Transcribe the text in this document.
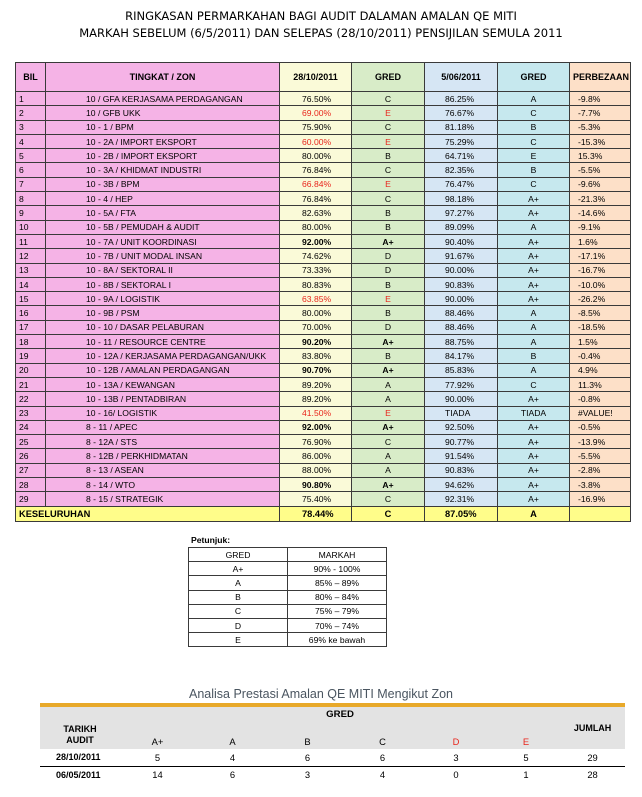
RINGKASAN PERMARKAHAN BAGI AUDIT DALAMAN AMALAN QE MITI
MARKAH SEBELUM (6/5/2011) DAN SELEPAS (28/10/2011) PENSIJILAN SEMULA 2011
BIL	TINGKAT / ZON	28/10/2011	GRED	5/06/2011	GRED	PERBEZAAN
1	10 / GFA KERJASAMA PERDAGANGAN	76.50%	C	86.25%	A	-9.8%
2	10 / GFB UKK	69.00%	E	76.67%	C	-7.7%
3	10 - 1 / BPM	75.90%	C	81.18%	B	-5.3%
4	10 - 2A / IMPORT EKSPORT	60.00%	E	75.29%	C	-15.3%
5	10 - 2B / IMPORT EKSPORT	80.00%	B	64.71%	E	15.3%
6	10 - 3A / KHIDMAT INDUSTRI	76.84%	C	82.35%	B	-5.5%
7	10 - 3B / BPM	66.84%	E	76.47%	C	-9.6%
8	10 - 4 / HEP	76.84%	C	98.18%	A+	-21.3%
9	10 - 5A / FTA	82.63%	B	97.27%	A+	-14.6%
10	10 - 5B / PEMUDAH & AUDIT	80.00%	B	89.09%	A	-9.1%
11	10 - 7A / UNIT KOORDINASI	92.00%	A+	90.40%	A+	1.6%
12	10 - 7B / UNIT MODAL INSAN	74.62%	D	91.67%	A+	-17.1%
13	10 - 8A / SEKTORAL II	73.33%	D	90.00%	A+	-16.7%
14	10 - 8B / SEKTORAL I	80.83%	B	90.83%	A+	-10.0%
15	10 - 9A / LOGISTIK	63.85%	E	90.00%	A+	-26.2%
16	10 - 9B / PSM	80.00%	B	88.46%	A	-8.5%
17	10 - 10 / DASAR PELABURAN	70.00%	D	88.46%	A	-18.5%
18	10 - 11 / RESOURCE CENTRE	90.20%	A+	88.75%	A	1.5%
19	10 - 12A / KERJASAMA PERDAGANGAN/UKK	83.80%	B	84.17%	B	-0.4%
20	10 - 12B / AMALAN PERDAGANGAN	90.70%	A+	85.83%	A	4.9%
21	10 - 13A / KEWANGAN	89.20%	A	77.92%	C	11.3%
22	10 - 13B / PENTADBIRAN	89.20%	A	90.00%	A+	-0.8%
23	10 - 16/ LOGISTIK	41.50%	E	TIADA	TIADA	#VALUE!
24	8 - 11 / APEC	92.00%	A+	92.50%	A+	-0.5%
25	8 - 12A / STS	76.90%	C	90.77%	A+	-13.9%
26	8 - 12B / PERKHIDMATAN	86.00%	A	91.54%	A+	-5.5%
27	8 - 13 / ASEAN	88.00%	A	90.83%	A+	-2.8%
28	8 - 14 / WTO	90.80%	A+	94.62%	A+	-3.8%
29	8 - 15 / STRATEGIK	75.40%	C	92.31%	A+	-16.9%
KESELURUHAN		78.44%	C	87.05%	A	
Petunjuk:
GRED	MARKAH
A+	90% - 100%
A	85% – 89%
B	80% – 84%
C	75% – 79%
D	70% – 74%
E	69% ke bawah
Analisa Prestasi Amalan QE MITI Mengikut Zon
	GRED						

TARIKH
AUDIT	A+	A	B	C	D	E	JUMLAH
28/10/2011	5	4	6	6	3	5	29
06/05/2011	14	6	3	4	0	1	28
